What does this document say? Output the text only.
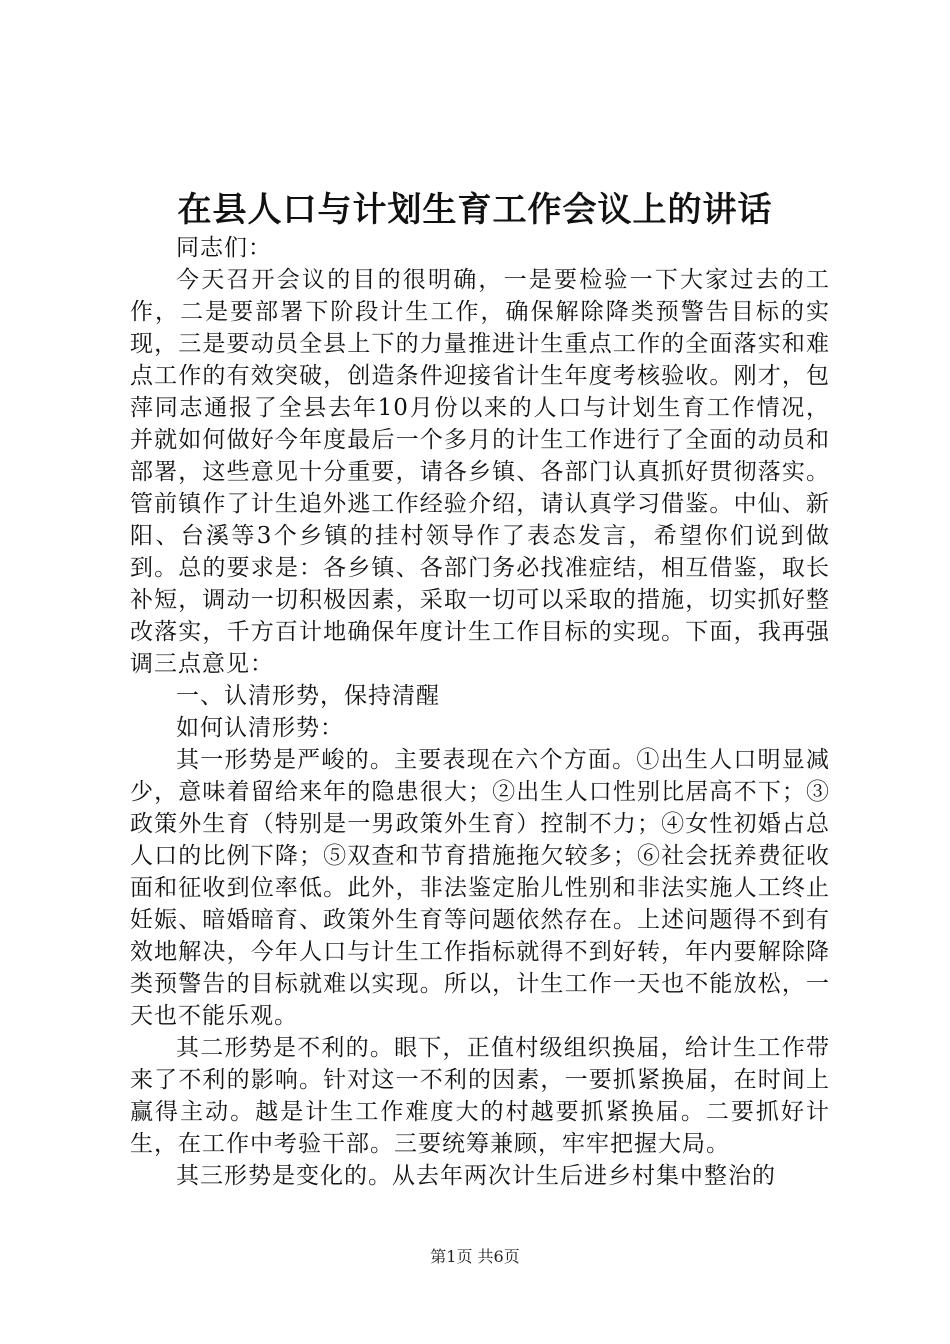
在县人口与计划生育工作会议上的讲话

同志们：

今天召开会议的目的很明确，一是要检验一下大家过去的工作，二是要部署下阶段计生工作，确保解除降类预警告目标的实现，三是要动员全县上下的力量推进计生重点工作的全面落实和难点工作的有效突破，创造条件迎接省计生年度考核验收。刚才，包萍同志通报了全县去年10月份以来的人口与计划生育工作情况，并就如何做好今年度最后一个多月的计生工作进行了全面的动员和部署，这些意见十分重要，请各乡镇、各部门认真抓好贯彻落实。管前镇作了计生追外逃工作经验介绍，请认真学习借鉴。中仙、新阳、台溪等3个乡镇的挂村领导作了表态发言，希望你们说到做到。总的要求是：各乡镇、各部门务必找准症结，相互借鉴，取长补短，调动一切积极因素，采取一切可以采取的措施，切实抓好整改落实，千方百计地确保年度计生工作目标的实现。下面，我再强调三点意见：

一、认清形势，保持清醒

如何认清形势：

其一形势是严峻的。主要表现在六个方面。①出生人口明显减少，意味着留给来年的隐患很大；②出生人口性别比居高不下；③政策外生育（特别是一男政策外生育）控制不力；④女性初婚占总人口的比例下降；⑤双查和节育措施拖欠较多；⑥社会抚养费征收面和征收到位率低。此外，非法鉴定胎儿性别和非法实施人工终止妊娠、暗婚暗育、政策外生育等问题依然存在。上述问题得不到有效地解决，今年人口与计生工作指标就得不到好转，年内要解除降类预警告的目标就难以实现。所以，计生工作一天也不能放松，一天也不能乐观。

其二形势是不利的。眼下，正值村级组织换届，给计生工作带来了不利的影响。针对这一不利的因素，一要抓紧换届，在时间上赢得主动。越是计生工作难度大的村越要抓紧换届。二要抓好计生，在工作中考验干部。三要统筹兼顾，牢牢把握大局。

其三形势是变化的。从去年两次计生后进乡村集中整治的

第1页 共6页
